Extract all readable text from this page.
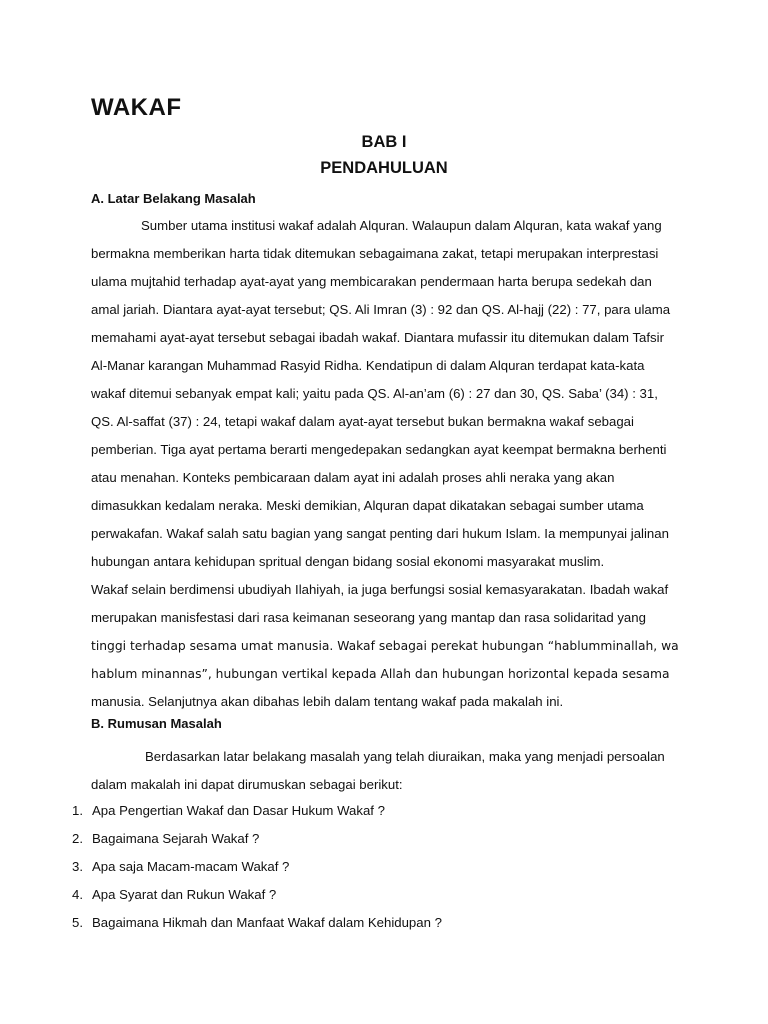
WAKAF
BAB I
PENDAHULUAN
A. Latar Belakang Masalah
Sumber utama institusi wakaf adalah Alquran. Walaupun dalam Alquran, kata wakaf yang
bermakna memberikan harta tidak ditemukan sebagaimana zakat, tetapi merupakan interprestasi
ulama mujtahid terhadap ayat-ayat yang membicarakan pendermaan harta berupa sedekah dan
amal jariah. Diantara ayat-ayat tersebut; QS. Ali Imran (3) : 92 dan QS. Al-hajj (22) : 77, para ulama
memahami ayat-ayat tersebut sebagai ibadah wakaf. Diantara mufassir itu ditemukan dalam Tafsir
Al-Manar karangan Muhammad Rasyid Ridha. Kendatipun di dalam Alquran terdapat kata-kata
wakaf ditemui sebanyak empat kali; yaitu pada QS. Al-an’am (6) : 27 dan 30, QS. Saba’ (34) : 31,
QS. Al-saffat (37) : 24, tetapi wakaf dalam ayat-ayat tersebut bukan bermakna wakaf sebagai
pemberian. Tiga ayat pertama berarti mengedepakan sedangkan ayat keempat bermakna berhenti
atau menahan. Konteks pembicaraan dalam ayat ini adalah proses ahli neraka yang akan
dimasukkan kedalam neraka. Meski demikian, Alquran dapat dikatakan sebagai sumber utama
perwakafan. Wakaf salah satu bagian yang sangat penting dari hukum Islam. Ia mempunyai jalinan
hubungan antara kehidupan spritual dengan bidang sosial ekonomi masyarakat muslim.
Wakaf selain berdimensi ubudiyah Ilahiyah, ia juga berfungsi sosial kemasyarakatan. Ibadah wakaf
merupakan manisfestasi dari rasa keimanan seseorang yang mantap dan rasa solidaritad yang
tinggi terhadap sesama umat manusia. Wakaf sebagai perekat hubungan “hablumminallah, wa
hablum minannas”, hubungan vertikal kepada Allah dan hubungan horizontal kepada sesama
manusia. Selanjutnya akan dibahas lebih dalam tentang wakaf pada makalah ini.
B. Rumusan Masalah
Berdasarkan latar belakang masalah yang telah diuraikan, maka yang menjadi persoalan
dalam makalah ini dapat dirumuskan sebagai berikut:
1. Apa Pengertian Wakaf dan Dasar Hukum Wakaf ?
2. Bagaimana Sejarah Wakaf ?
3. Apa saja Macam-macam Wakaf ?
4. Apa Syarat dan Rukun Wakaf ?
5. Bagaimana Hikmah dan Manfaat Wakaf dalam Kehidupan ?
